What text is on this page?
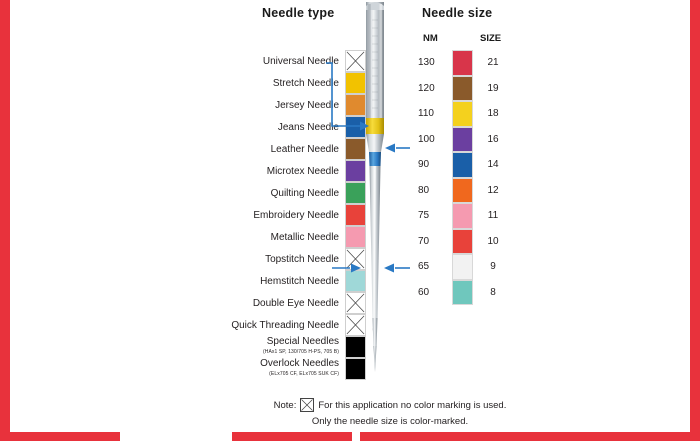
Needle type	Needle size
NM	SIZE
Universal Needle
Stretch Needle
Jersey Needle
Jeans Needle
Leather Needle
Microtex Needle
Quilting Needle
Embroidery Needle
Metallic Needle
Topstitch Needle
Hemstitch Needle
Double Eye Needle
Quick Threading Needle
Special Needles
(HAx1 SP, 130/705 H-PS, 705 B)
Overlock Needles
(ELx705 CF, ELx705 SUK CF)
130	21
120	19
110	18
100	16
90	14
80	12
75	11
70	10
65	9
60	8
Note: For this application no color marking is used.
Only the needle size is color-marked.
